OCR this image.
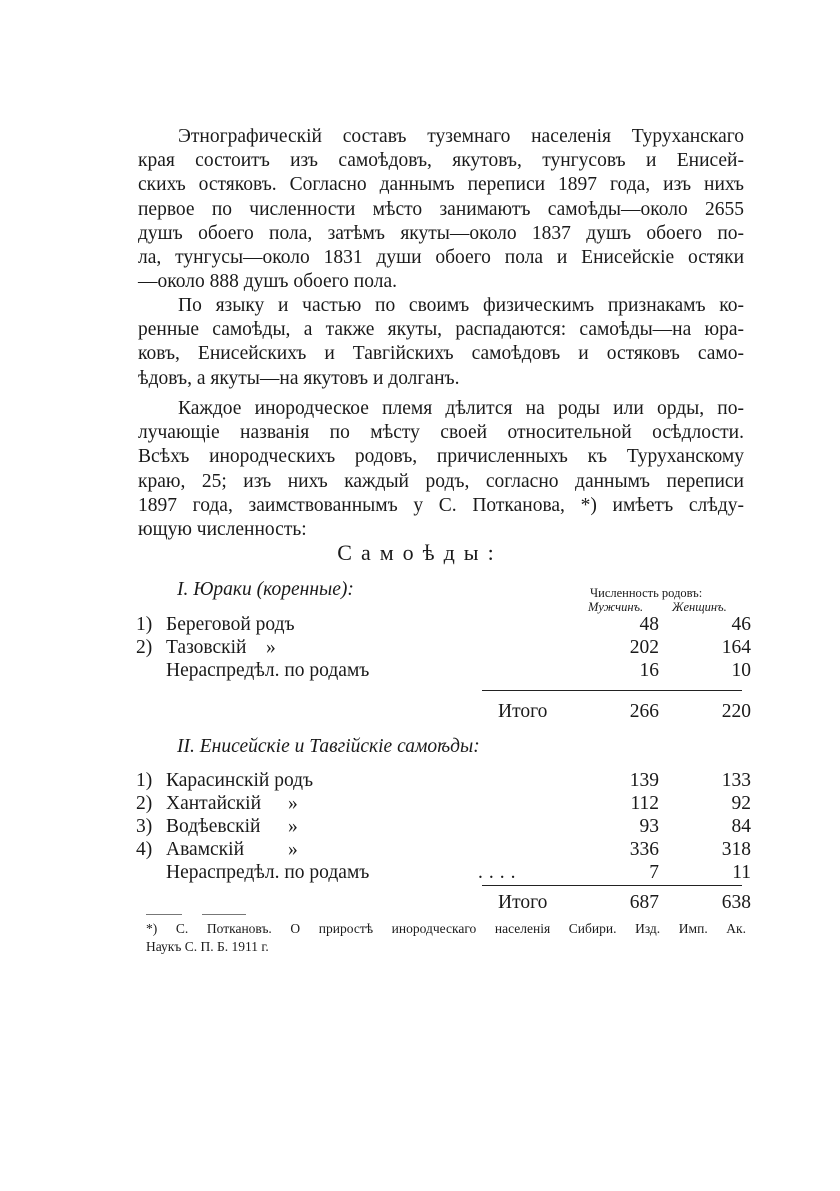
Этнографическій составъ туземнаго населенія Туруханскаго
края состоитъ изъ самоѣдовъ, якутовъ, тунгусовъ и Енисей-
скихъ остяковъ. Согласно даннымъ переписи 1897 года, изъ нихъ
первое по численности мѣсто занимаютъ самоѣды—около 2655
душъ обоего пола, затѣмъ якуты—около 1837 душъ обоего по-
ла, тунгусы—около 1831 души обоего пола и Енисейскіе остяки
—около 888 душъ обоего пола.

По языку и частью по своимъ физическимъ признакамъ ко-
ренные самоѣды, а также якуты, распадаются: самоѣды—на юра-
ковъ, Енисейскихъ и Тавгійскихъ самоѣдовъ и остяковъ само-
ѣдовъ, а якуты—на якутовъ и долганъ.

Каждое инородческое племя дѣлится на роды или орды, по-
лучающіе названія по мѣсту своей относительной осѣдлости.
Всѣхъ инородческихъ родовъ, причисленныхъ къ Туруханскому
краю, 25; изъ нихъ каждый родъ, согласно даннымъ переписи
1897 года, заимствованнымъ у С. Потканова, *) имѣетъ слѣду-
ющую численность:

Самоѣды:
I. Юраки (коренные):	Численность родовъ:
Мужчинъ. Женщинъ.
1) Береговой родъ	48	46
2) Тазовскій »	202	164
Нераспредѣл. по родамъ	16	10
Итого	266	220
II. Енисейскіе и Тавгійскіе самоѣды:
1) Карасинскій родъ	139	133
2) Хантайскій »	112	92
3) Водѣевскій »	93	84
4) Авамскій »	336	318
Нераспредѣл. по родамъ	....	7	11
Итого	687	638

*) С. Поткановъ. О приростѣ инородческаго населенія Сибири. Изд. Имп. Ак.
Наукъ С. П. Б. 1911 г.
